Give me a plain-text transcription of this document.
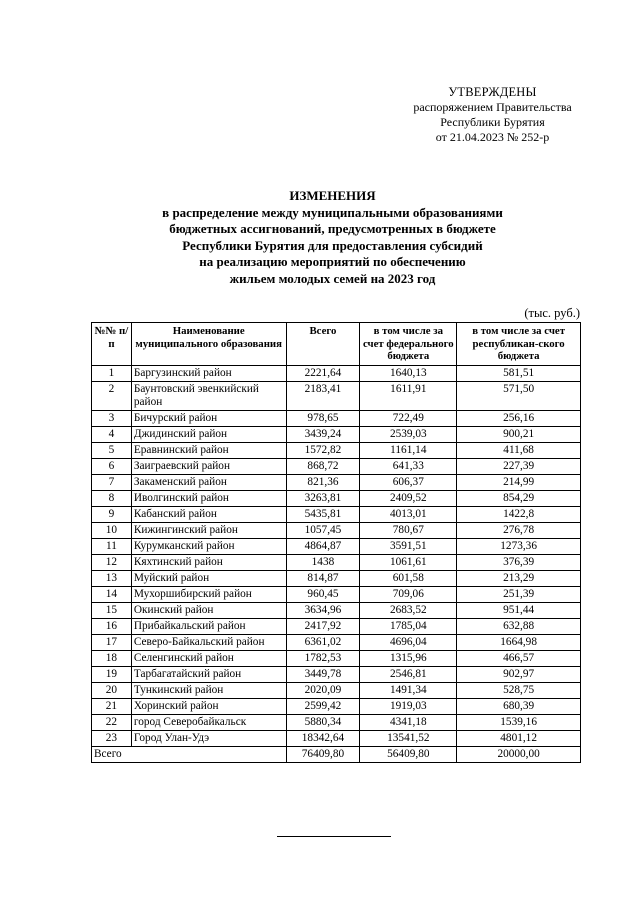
УТВЕРЖДЕНЫ
распоряжением Правительства
Республики Бурятия
от 21.04.2023 № 252-р
ИЗМЕНЕНИЯ
в распределение между муниципальными образованиями
бюджетных ассигнований, предусмотренных в бюджете
Республики Бурятия для предоставления субсидий
на реализацию мероприятий по обеспечению
жильем молодых семей на 2023 год
(тыс. руб.)
№№ п/п	Наименование муниципального образования	Всего	в том числе за счет федерального бюджета	в том числе за счет республикан-ского бюджета
1	Баргузинский район	2221,64	1640,13	581,51
2	Баунтовский эвенкийский район	2183,41	1611,91	571,50
3	Бичурский район	978,65	722,49	256,16
4	Джидинский район	3439,24	2539,03	900,21
5	Еравнинский район	1572,82	1161,14	411,68
6	Заиграевский район	868,72	641,33	227,39
7	Закаменский район	821,36	606,37	214,99
8	Иволгинский район	3263,81	2409,52	854,29
9	Кабанский район	5435,81	4013,01	1422,8
10	Кижингинский район	1057,45	780,67	276,78
11	Курумканский район	4864,87	3591,51	1273,36
12	Кяхтинский район	1438	1061,61	376,39
13	Муйский район	814,87	601,58	213,29
14	Мухоршибирский район	960,45	709,06	251,39
15	Окинский район	3634,96	2683,52	951,44
16	Прибайкальский район	2417,92	1785,04	632,88
17	Северо-Байкальский район	6361,02	4696,04	1664,98
18	Селенгинский район	1782,53	1315,96	466,57
19	Тарбагатайский район	3449,78	2546,81	902,97
20	Тункинский район	2020,09	1491,34	528,75
21	Хоринский район	2599,42	1919,03	680,39
22	город Северобайкальск	5880,34	4341,18	1539,16
23	Город Улан-Удэ	18342,64	13541,52	4801,12
Всего		76409,80	56409,80	20000,00
